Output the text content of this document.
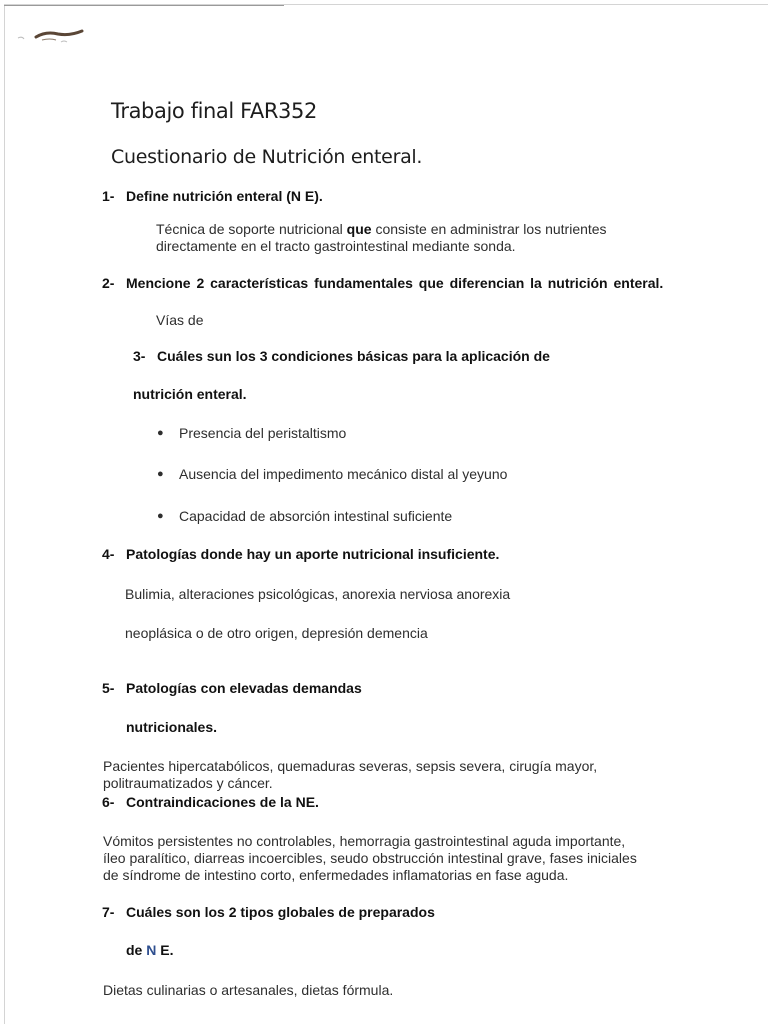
Trabajo final FAR352
Cuestionario de Nutrición enteral.
1- Define nutrición enteral (N E).
Técnica de soporte nutricional que consiste en administrar los nutrientes
directamente en el tracto gastrointestinal mediante sonda.
2- Mencione 2 características fundamentales que diferencian la nutrición enteral.
Vías de
3- Cuáles sun los 3 condiciones básicas para la aplicación de
nutrición enteral.
● Presencia del peristaltismo
● Ausencia del impedimento mecánico distal al yeyuno
● Capacidad de absorción intestinal suficiente
4- Patologías donde hay un aporte nutricional insuficiente.
Bulimia, alteraciones psicológicas, anorexia nerviosa anorexia
neoplásica o de otro origen, depresión demencia
5- Patologías con elevadas demandas
nutricionales.
Pacientes hipercatabólicos, quemaduras severas, sepsis severa, cirugía mayor,
politraumatizados y cáncer.
6- Contraindicaciones de la NE.
Vómitos persistentes no controlables, hemorragia gastrointestinal aguda importante,
íleo paralítico, diarreas incoercibles, seudo obstrucción intestinal grave, fases iniciales
de síndrome de intestino corto, enfermedades inflamatorias en fase aguda.
7- Cuáles son los 2 tipos globales de preparados
de N E.
Dietas culinarias o artesanales, dietas fórmula.
